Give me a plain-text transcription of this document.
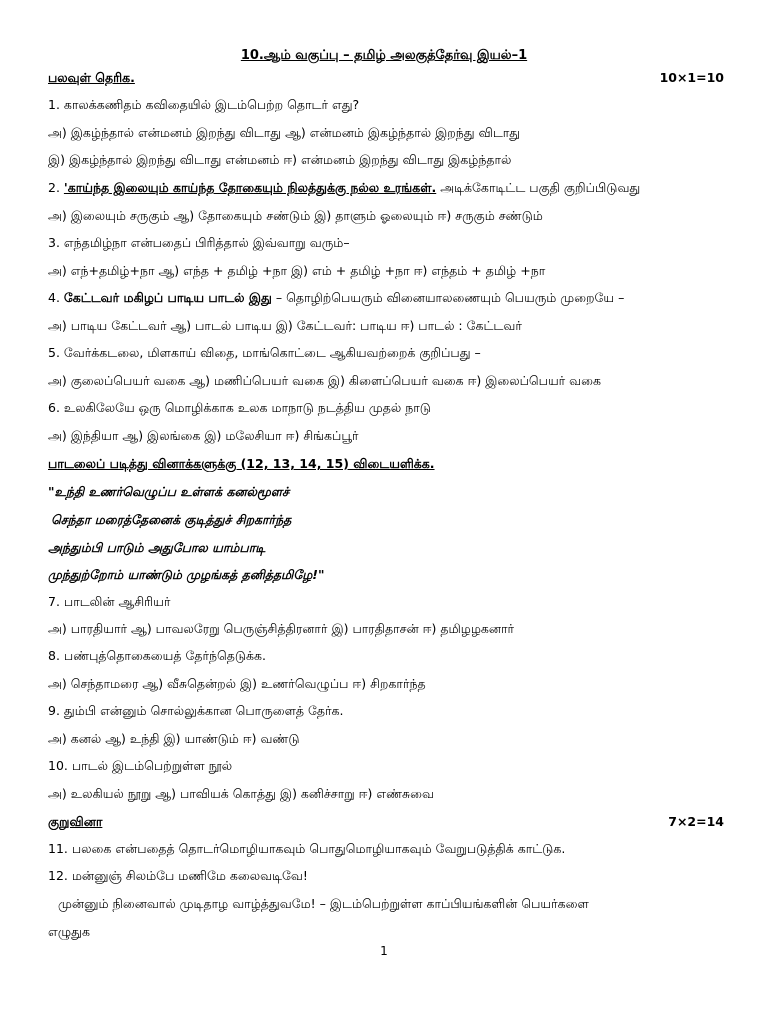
10.ஆம் வகுப்பு – தமிழ் அலகுத்தேர்வு இயல்–1
பலவுள் தெரிக.	10×1=10
1. காலக்கணிதம் கவிதையில் இடம்பெற்ற தொடர் எது?
அ) இகழ்ந்தால் என்மனம் இறந்து விடாது ஆ) என்மனம் இகழ்ந்தால் இறந்து விடாது
இ) இகழ்ந்தால் இறந்து விடாது என்மனம் ஈ) என்மனம் இறந்து விடாது இகழ்ந்தால்
2. 'காய்ந்த இலையும் காய்ந்த தோகையும் நிலத்துக்கு நல்ல உரங்கள். அடிக்கோடிட்ட பகுதி குறிப்பிடுவது
அ) இலையும் சருகும் ஆ) தோகையும் சண்டும் இ) தாளும் ஓலையும் ஈ) சருகும் சண்டும்
3. எந்தமிழ்நா என்பதைப் பிரித்தால் இவ்வாறு வரும்–
அ) எந்+தமிழ்+நா ஆ) எந்த + தமிழ் +நா இ) எம் + தமிழ் +நா ஈ) எந்தம் + தமிழ் +நா
4. கேட்டவர் மகிழப் பாடிய பாடல் இது – தொழிற்பெயரும் வினையாலணையும் பெயரும் முறையே –
அ) பாடிய கேட்டவர் ஆ) பாடல் பாடிய இ) கேட்டவர்: பாடிய ஈ) பாடல் : கேட்டவர்
5. வேர்க்கடலை, மிளகாய் விதை, மாங்கொட்டை ஆகியவற்றைக் குறிப்பது –
அ) குலைப்பெயர் வகை ஆ) மணிப்பெயர் வகை இ) கிளைப்பெயர் வகை ஈ) இலைப்பெயர் வகை
6. உலகிலேயே ஒரு மொழிக்காக உலக மாநாடு நடத்திய முதல் நாடு
அ) இந்தியா ஆ) இலங்கை இ) மலேசியா ஈ) சிங்கப்பூர்
பாடலைப் படித்து வினாக்களுக்கு (12, 13, 14, 15) விடையளிக்க.
"உந்தி உணர்வெழுப்ப உள்ளக் கனல்மூளச்
செந்தா மரைத்தேனைக் குடித்துச் சிறகார்ந்த
அந்தும்பி பாடும் அதுபோல யாம்பாடி
முந்துற்றோம் யாண்டும் முழங்கத் தனித்தமிழே!"
7. பாடலின் ஆசிரியர்
அ) பாரதியார் ஆ) பாவலரேறு பெருஞ்சித்திரனார் இ) பாரதிதாசன் ஈ) தமிழழகனார்
8. பண்புத்தொகையைத் தேர்ந்தெடுக்க.
அ) செந்தாமரை ஆ) வீசுதென்றல் இ) உணர்வெழுப்ப ஈ) சிறகார்ந்த
9. தும்பி என்னும் சொல்லுக்கான பொருளைத் தேர்க.
அ) கனல் ஆ) உந்தி இ) யாண்டும் ஈ) வண்டு
10. பாடல் இடம்பெற்றுள்ள நூல்
அ) உலகியல் நூறு ஆ) பாவியக் கொத்து இ) கனிச்சாறு ஈ) எண்சுவை
குறுவினா	7×2=14
11. பலகை என்பதைத் தொடர்மொழியாகவும் பொதுமொழியாகவும் வேறுபடுத்திக் காட்டுக.
12. மன்னுஞ் சிலம்பே மணிமே கலைவடிவே!
முன்னும் நினைவால் முடிதாழ வாழ்த்துவமே! – இடம்பெற்றுள்ள காப்பியங்களின் பெயர்களை
எழுதுக
1
